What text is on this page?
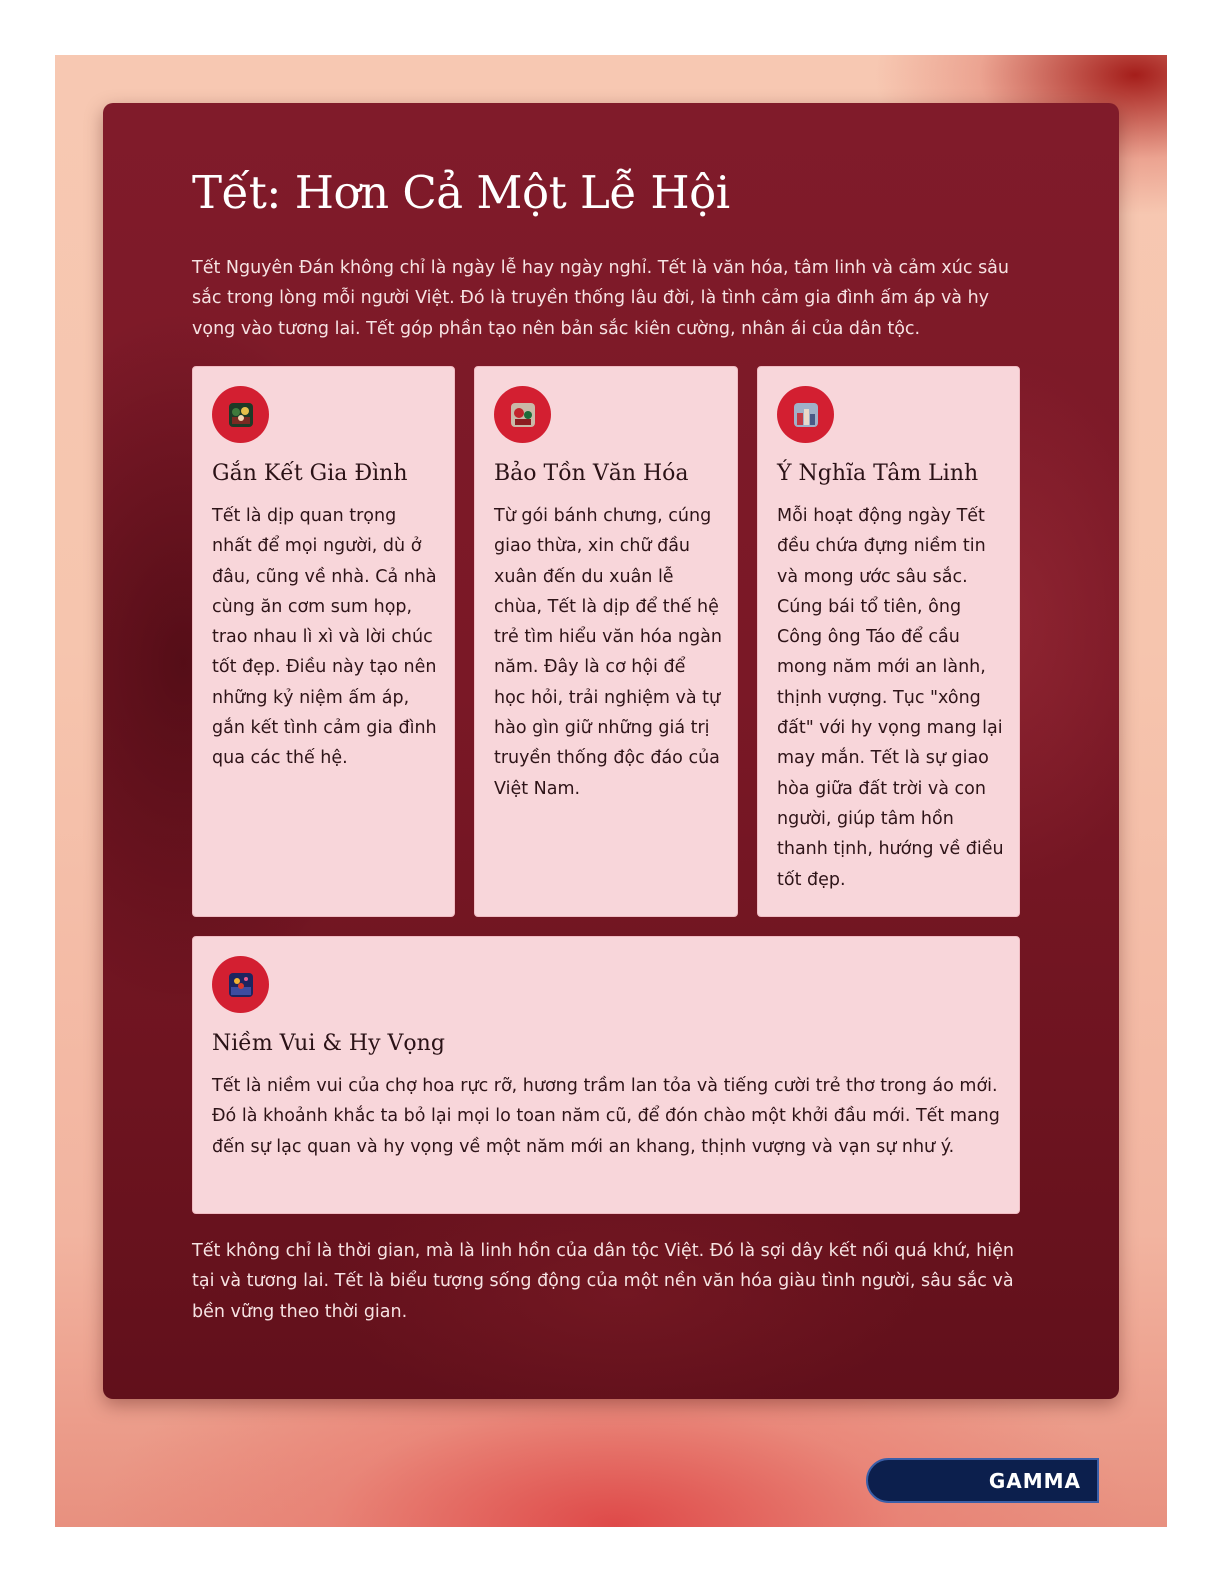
Tết: Hơn Cả Một Lễ Hội

Tết Nguyên Đán không chỉ là ngày lễ hay ngày nghỉ. Tết là văn hóa, tâm linh và cảm xúc sâu sắc trong lòng mỗi người Việt. Đó là truyền thống lâu đời, là tình cảm gia đình ấm áp và hy vọng vào tương lai. Tết góp phần tạo nên bản sắc kiên cường, nhân ái của dân tộc.

Gắn Kết Gia Đình

Tết là dịp quan trọng nhất để mọi người, dù ở đâu, cũng về nhà. Cả nhà cùng ăn cơm sum họp, trao nhau lì xì và lời chúc tốt đẹp. Điều này tạo nên những kỷ niệm ấm áp, gắn kết tình cảm gia đình qua các thế hệ.

Bảo Tồn Văn Hóa

Từ gói bánh chưng, cúng giao thừa, xin chữ đầu xuân đến du xuân lễ chùa, Tết là dịp để thế hệ trẻ tìm hiểu văn hóa ngàn năm. Đây là cơ hội để học hỏi, trải nghiệm và tự hào gìn giữ những giá trị truyền thống độc đáo của Việt Nam.

Ý Nghĩa Tâm Linh

Mỗi hoạt động ngày Tết đều chứa đựng niềm tin và mong ước sâu sắc. Cúng bái tổ tiên, ông Công ông Táo để cầu mong năm mới an lành, thịnh vượng. Tục "xông đất" với hy vọng mang lại may mắn. Tết là sự giao hòa giữa đất trời và con người, giúp tâm hồn thanh tịnh, hướng về điều tốt đẹp.

Niềm Vui & Hy Vọng

Tết là niềm vui của chợ hoa rực rỡ, hương trầm lan tỏa và tiếng cười trẻ thơ trong áo mới. Đó là khoảnh khắc ta bỏ lại mọi lo toan năm cũ, để đón chào một khởi đầu mới. Tết mang đến sự lạc quan và hy vọng về một năm mới an khang, thịnh vượng và vạn sự như ý.

Tết không chỉ là thời gian, mà là linh hồn của dân tộc Việt. Đó là sợi dây kết nối quá khứ, hiện tại và tương lai. Tết là biểu tượng sống động của một nền văn hóa giàu tình người, sâu sắc và bền vững theo thời gian.

GAMMA
